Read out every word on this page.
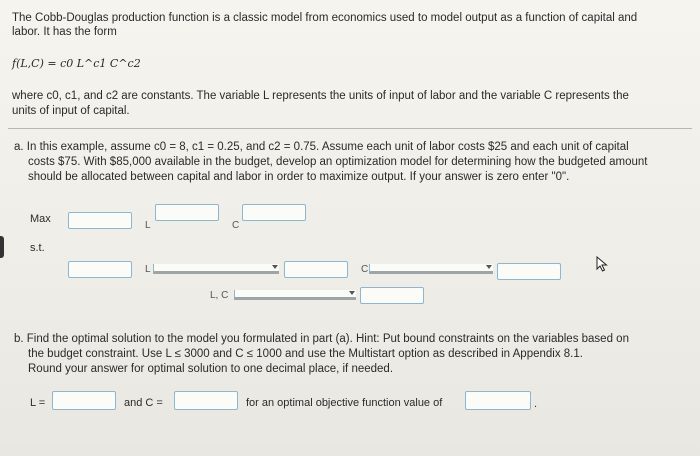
The Cobb-Douglas production function is a classic model from economics used to model output as a function of capital and
labor. It has the form
f(L,C) = c0 L^c1 C^c2
where c0, c1, and c2 are constants. The variable L represents the units of input of labor and the variable C represents the
units of input of capital.
a. In this example, assume c0 = 8, c1 = 0.25, and c2 = 0.75. Assume each unit of labor costs $25 and each unit of capital
costs $75. With $85,000 available in the budget, develop an optimization model for determining how the budgeted amount
should be allocated between capital and labor in order to maximize output. If your answer is zero enter "0".
Max
L	C
s.t.
L	C
L, C
b. Find the optimal solution to the model you formulated in part (a). Hint: Put bound constraints on the variables based on
the budget constraint. Use L ≤ 3000 and C ≤ 1000 and use the Multistart option as described in Appendix 8.1.
Round your answer for optimal solution to one decimal place, if needed.
L =	and C =	for an optimal objective function value of	.
